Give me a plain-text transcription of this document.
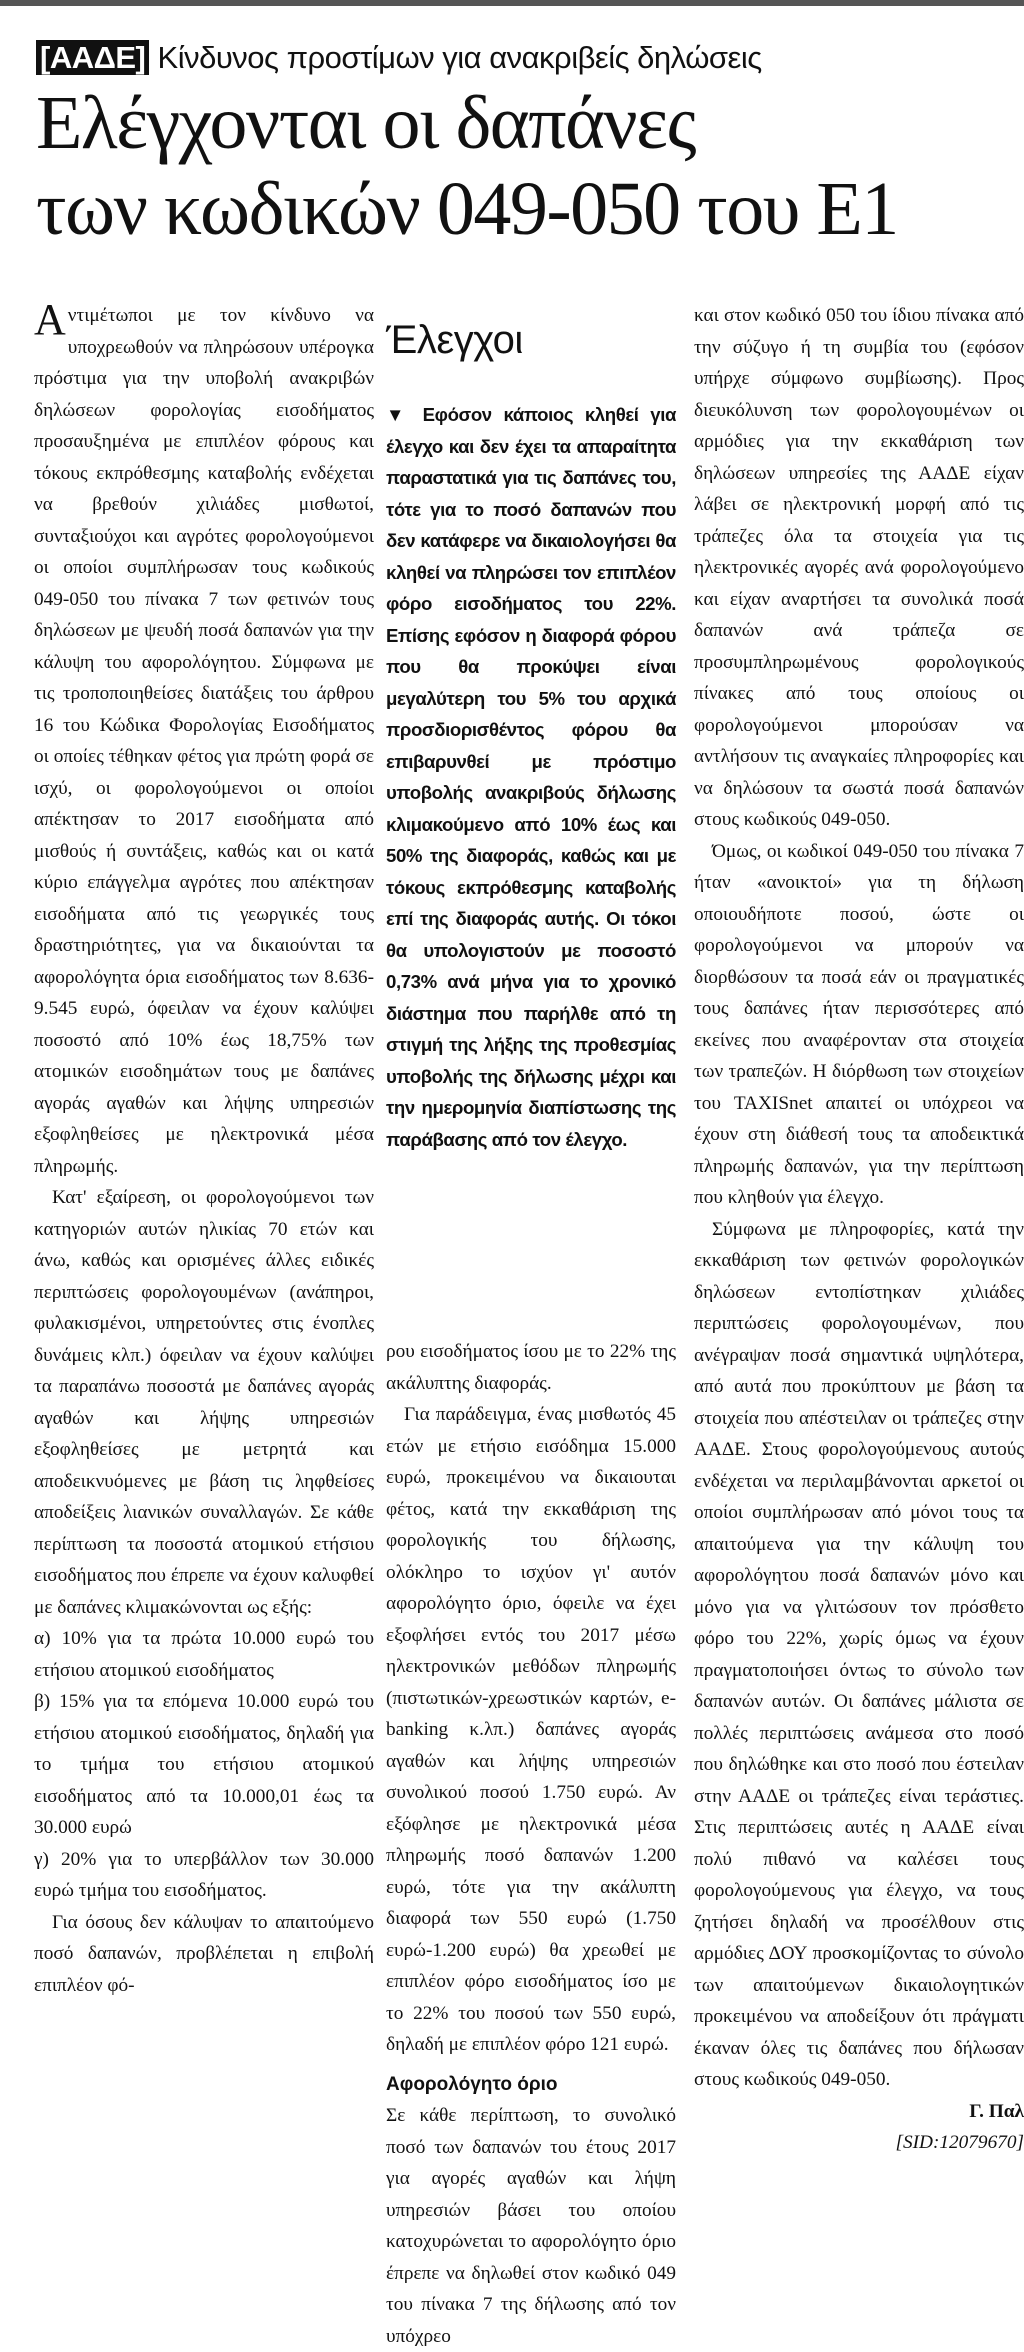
[ΑΑΔΕ] Κίνδυνος προστίμων για ανακριβείς δηλώσεις
Ελέγχονται οι δαπάνες
των κωδικών 049-050 του Ε1

Αντιμέτωποι με τον κίνδυνο να υποχρεωθούν να πληρώσουν υπέρογκα πρόστιμα για την υποβολή ανακριβών δηλώσεων φορολογίας εισοδήματος προσαυξημένα με επιπλέον φόρους και τόκους εκπρόθεσμης καταβολής ενδέχεται να βρεθούν χιλιάδες μισθωτοί, συνταξιούχοι και αγρότες φορολογούμενοι οι οποίοι συμπλήρωσαν τους κωδικούς 049-050 του πίνακα 7 των φετινών τους δηλώσεων με ψευδή ποσά δαπανών για την κάλυψη του αφορολόγητου. Σύμφωνα με τις τροποποιηθείσες διατάξεις του άρθρου 16 του Κώδικα Φορολογίας Εισοδήματος οι οποίες τέθηκαν φέτος για πρώτη φορά σε ισχύ, οι φορολογούμενοι οι οποίοι απέκτησαν το 2017 εισοδήματα από μισθούς ή συντάξεις, καθώς και οι κατά κύριο επάγγελμα αγρότες που απέκτησαν εισοδήματα από τις γεωργικές τους δραστηριότητες, για να δικαιούνται τα αφορολόγητα όρια εισοδήματος των 8.636-9.545 ευρώ, όφειλαν να έχουν καλύψει ποσοστό από 10% έως 18,75% των ατομικών εισοδημάτων τους με δαπάνες αγοράς αγαθών και λήψης υπηρεσιών εξοφληθείσες με ηλεκτρονικά μέσα πληρωμής.

Κατ' εξαίρεση, οι φορολογούμενοι των κατηγοριών αυτών ηλικίας 70 ετών και άνω, καθώς και ορισμένες άλλες ειδικές περιπτώσεις φορολογουμένων (ανάπηροι, φυλακισμένοι, υπηρετούντες στις ένοπλες δυνάμεις κλπ.) όφειλαν να έχουν καλύψει τα παραπάνω ποσοστά με δαπάνες αγοράς αγαθών και λήψης υπηρεσιών εξοφληθείσες με μετρητά και αποδεικνυόμενες με βάση τις ληφθείσες αποδείξεις λιανικών συναλλαγών. Σε κάθε περίπτωση τα ποσοστά ατομικού ετήσιου εισοδήματος που έπρεπε να έχουν καλυφθεί με δαπάνες κλιμακώνονται ως εξής:

α) 10% για τα πρώτα 10.000 ευρώ του ετήσιου ατομικού εισοδήματος

β) 15% για τα επόμενα 10.000 ευρώ του ετήσιου ατομικού εισοδήματος, δηλαδή για το τμήμα του ετήσιου ατομικού εισοδήματος από τα 10.000,01 έως τα 30.000 ευρώ

γ) 20% για το υπερβάλλον των 30.000 ευρώ τμήμα του εισοδήματος.

Για όσους δεν κάλυψαν το απαιτούμενο ποσό δαπανών, προβλέπεται η επιβολή επιπλέον φό-

Έλεγχοι

▼ Εφόσον κάποιος κληθεί για έλεγχο και δεν έχει τα απαραίτητα παραστατικά για τις δαπάνες του, τότε για το ποσό δαπανών που δεν κατάφερε να δικαιολογήσει θα κληθεί να πληρώσει τον επιπλέον φόρο εισοδήματος του 22%. Επίσης εφόσον η διαφορά φόρου που θα προκύψει είναι μεγαλύτερη του 5% του αρχικά προσδιορισθέντος φόρου θα επιβαρυνθεί με πρόστιμο υποβολής ανακριβούς δήλωσης κλιμακούμενο από 10% έως και 50% της διαφοράς, καθώς και με τόκους εκπρόθεσμης καταβολής επί της διαφοράς αυτής. Οι τόκοι θα υπολογιστούν με ποσοστό 0,73% ανά μήνα για το χρονικό διάστημα που παρήλθε από τη στιγμή της λήξης της προθεσμίας υποβολής της δήλωσης μέχρι και την ημερομηνία διαπίστωσης της παράβασης από τον έλεγχο.

ρου εισοδήματος ίσου με το 22% της ακάλυπτης διαφοράς.

Για παράδειγμα, ένας μισθωτός 45 ετών με ετήσιο εισόδημα 15.000 ευρώ, προκειμένου να δικαιουται φέτος, κατά την εκκαθάριση της φορολογικής του δήλωσης, ολόκληρο το ισχύον γι' αυτόν αφορολόγητο όριο, όφειλε να έχει εξοφλήσει εντός του 2017 μέσω ηλεκτρονικών μεθόδων πληρωμής (πιστωτικών-χρεωστικών καρτών, e-banking κ.λπ.) δαπάνες αγοράς αγαθών και λήψης υπηρεσιών συνολικού ποσού 1.750 ευρώ. Αν εξόφλησε με ηλεκτρονικά μέσα πληρωμής ποσό δαπανών 1.200 ευρώ, τότε για την ακάλυπτη διαφορά των 550 ευρώ (1.750 ευρώ-1.200 ευρώ) θα χρεωθεί με επιπλέον φόρο εισοδήματος ίσο με το 22% του ποσού των 550 ευρώ, δηλαδή με επιπλέον φόρο 121 ευρώ.

Αφορολόγητο όριο

Σε κάθε περίπτωση, το συνολικό ποσό των δαπανών του έτους 2017 για αγορές αγαθών και λήψη υπηρεσιών βάσει του οποίου κατοχυρώνεται το αφορολόγητο όριο έπρεπε να δηλωθεί στον κωδικό 049 του πίνακα 7 της δήλωσης από τον υπόχρεο

και στον κωδικό 050 του ίδιου πίνακα από την σύζυγο ή τη συμβία του (εφόσον υπήρχε σύμφωνο συμβίωσης). Προς διευκόλυνση των φορολογουμένων οι αρμόδιες για την εκκαθάριση των δηλώσεων υπηρεσίες της ΑΑΔΕ είχαν λάβει σε ηλεκτρονική μορφή από τις τράπεζες όλα τα στοιχεία για τις ηλεκτρονικές αγορές ανά φορολογούμενο και είχαν αναρτήσει τα συνολικά ποσά δαπανών ανά τράπεζα σε προσυμπληρωμένους φορολογικούς πίνακες από τους οποίους οι φορολογούμενοι μπορούσαν να αντλήσουν τις αναγκαίες πληροφορίες και να δηλώσουν τα σωστά ποσά δαπανών στους κωδικούς 049-050.

Όμως, οι κωδικοί 049-050 του πίνακα 7 ήταν «ανοικτοί» για τη δήλωση οποιουδήποτε ποσού, ώστε οι φορολογούμενοι να μπορούν να διορθώσουν τα ποσά εάν οι πραγματικές τους δαπάνες ήταν περισσότερες από εκείνες που αναφέρονταν στα στοιχεία των τραπεζών. Η διόρθωση των στοιχείων του TAXISnet απαιτεί οι υπόχρεοι να έχουν στη διάθεσή τους τα αποδεικτικά πληρωμής δαπανών, για την περίπτωση που κληθούν για έλεγχο.

Σύμφωνα με πληροφορίες, κατά την εκκαθάριση των φετινών φορολογικών δηλώσεων εντοπίστηκαν χιλιάδες περιπτώσεις φορολογουμένων, που ανέγραψαν ποσά σημαντικά υψηλότερα, από αυτά που προκύπτουν με βάση τα στοιχεία που απέστειλαν οι τράπεζες στην ΑΑΔΕ. Στους φορολογούμενους αυτούς ενδέχεται να περιλαμβάνονται αρκετοί οι οποίοι συμπλήρωσαν από μόνοι τους τα απαιτούμενα για την κάλυψη του αφορολόγητου ποσά δαπανών μόνο και μόνο για να γλιτώσουν τον πρόσθετο φόρο του 22%, χωρίς όμως να έχουν πραγματοποιήσει όντως το σύνολο των δαπανών αυτών. Οι δαπάνες μάλιστα σε πολλές περιπτώσεις ανάμεσα στο ποσό που δηλώθηκε και στο ποσό που έστειλαν στην ΑΑΔΕ οι τράπεζες είναι τεράστιες. Στις περιπτώσεις αυτές η ΑΑΔΕ είναι πολύ πιθανό να καλέσει τους φορολογούμενους για έλεγχο, να τους ζητήσει δηλαδή να προσέλθουν στις αρμόδιες ΔΟΥ προσκομίζοντας το σύνολο των απαιτούμενων δικαιολογητικών προκειμένου να αποδείξουν ότι πράγματι έκαναν όλες τις δαπάνες που δήλωσαν στους κωδικούς 049-050.

Γ. Παλ

[SID:12079670]
